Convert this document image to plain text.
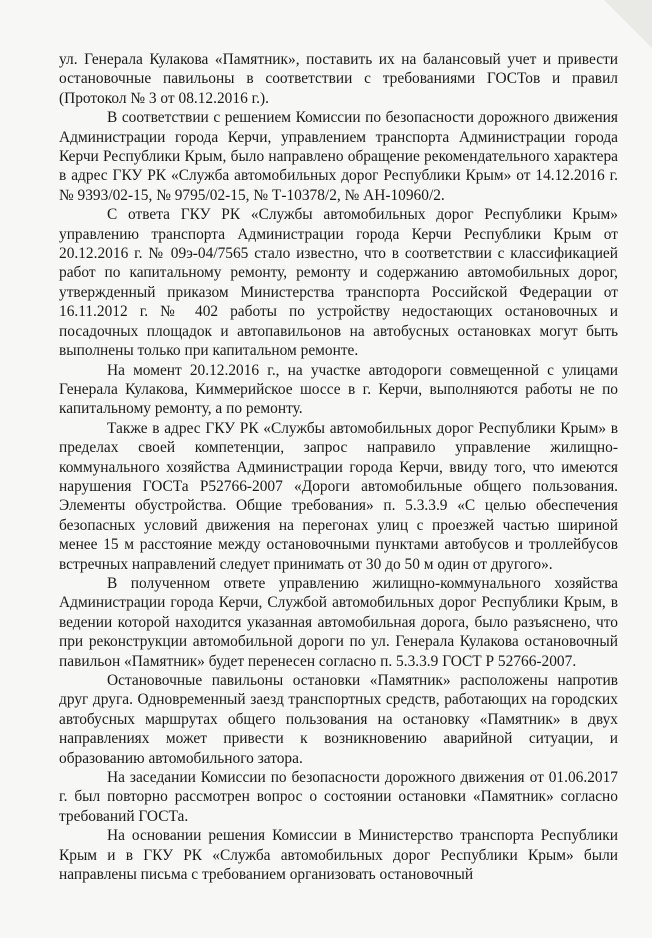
ул. Генерала Кулакова «Памятник», поставить их на балансовый учет и привести остановочные павильоны в соответствии с требованиями ГОСТов и правил (Протокол № 3 от 08.12.2016 г.).

В соответствии с решением Комиссии по безопасности дорожного движения Администрации города Керчи, управлением транспорта Администрации города Керчи Республики Крым, было направлено обращение рекомендательного характера в адрес ГКУ РК «Служба автомобильных дорог Республики Крым» от 14.12.2016 г. № 9393/02-15, № 9795/02-15, № Т-10378/2, № АН-10960/2.

С ответа ГКУ РК «Службы автомобильных дорог Республики Крым» управлению транспорта Администрации города Керчи Республики Крым от 20.12.2016 г. № 09э-04/7565 стало известно, что в соответствии с классификацией работ по капитальному ремонту, ремонту и содержанию автомобильных дорог, утвержденный приказом Министерства транспорта Российской Федерации от 16.11.2012 г. № 402 работы по устройству недостающих остановочных и посадочных площадок и автопавильонов на автобусных остановках могут быть выполнены только при капитальном ремонте.

На момент 20.12.2016 г., на участке автодороги совмещенной с улицами Генерала Кулакова, Киммерийское шоссе в г. Керчи, выполняются работы не по капитальному ремонту, а по ремонту.

Также в адрес ГКУ РК «Службы автомобильных дорог Республики Крым» в пределах своей компетенции, запрос направило управление жилищно-коммунального хозяйства Администрации города Керчи, ввиду того, что имеются нарушения ГОСТа Р52766-2007 «Дороги автомобильные общего пользования. Элементы обустройства. Общие требования» п. 5.3.3.9 «С целью обеспечения безопасных условий движения на перегонах улиц с проезжей частью шириной менее 15 м расстояние между остановочными пунктами автобусов и троллейбусов встречных направлений следует принимать от 30 до 50 м один от другого».

В полученном ответе управлению жилищно-коммунального хозяйства Администрации города Керчи, Службой автомобильных дорог Республики Крым, в ведении которой находится указанная автомобильная дорога, было разъяснено, что при реконструкции автомобильной дороги по ул. Генерала Кулакова остановочный павильон «Памятник» будет перенесен согласно п. 5.3.3.9 ГОСТ Р 52766-2007.

Остановочные павильоны остановки «Памятник» расположены напротив друг друга. Одновременный заезд транспортных средств, работающих на городских автобусных маршрутах общего пользования на остановку «Памятник» в двух направлениях может привести к возникновению аварийной ситуации, и образованию автомобильного затора.

На заседании Комиссии по безопасности дорожного движения от 01.06.2017 г. был повторно рассмотрен вопрос о состоянии остановки «Памятник» согласно требований ГОСТа.

На основании решения Комиссии в Министерство транспорта Республики Крым и в ГКУ РК «Служба автомобильных дорог Республики Крым» были направлены письма с требованием организовать остановочный
